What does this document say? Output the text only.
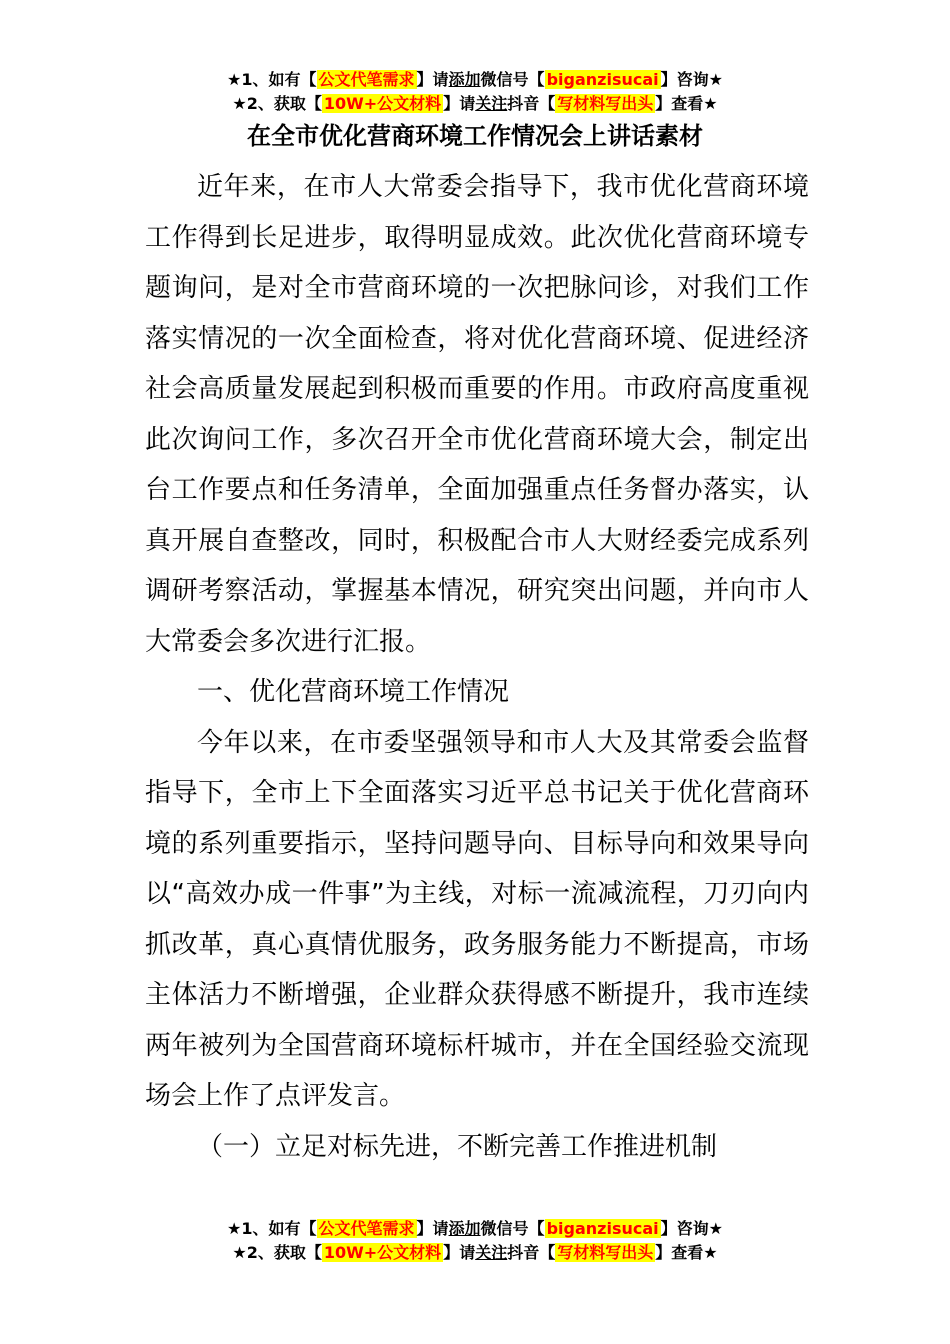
★1、如有【 公文代笔需求 】请添加微信号【 biganzisucai 】咨询★
★2、获取【 10W+公文材料 】请关注抖音【 写材料写出头 】查看★
在全市优化营商环境工作情况会上讲话素材

近年来，在市人大常委会指导下，我市优化营商环境工作得到长足进步，取得明显成效。此次优化营商环境专题询问，是对全市营商环境的一次把脉问诊，对我们工作落实情况的一次全面检查，将对优化营商环境、促进经济社会高质量发展起到积极而重要的作用。市政府高度重视此次询问工作，多次召开全市优化营商环境大会，制定出台工作要点和任务清单，全面加强重点任务督办落实，认真开展自查整改，同时，积极配合市人大财经委完成系列调研考察活动，掌握基本情况，研究突出问题，并向市人大常委会多次进行汇报。

一、优化营商环境工作情况

今年以来，在市委坚强领导和市人大及其常委会监督指导下，全市上下全面落实习近平总书记关于优化营商环境的系列重要指示，坚持问题导向、目标导向和效果导向以“高效办成一件事”为主线，对标一流减流程，刀刃向内抓改革，真心真情优服务，政务服务能力不断提高，市场主体活力不断增强，企业群众获得感不断提升，我市连续两年被列为全国营商环境标杆城市，并在全国经验交流现场会上作了点评发言。

（一）立足对标先进，不断完善工作推进机制

★1、如有【 公文代笔需求 】请添加微信号【 biganzisucai 】咨询★
★2、获取【 10W+公文材料 】请关注抖音【 写材料写出头 】查看★
